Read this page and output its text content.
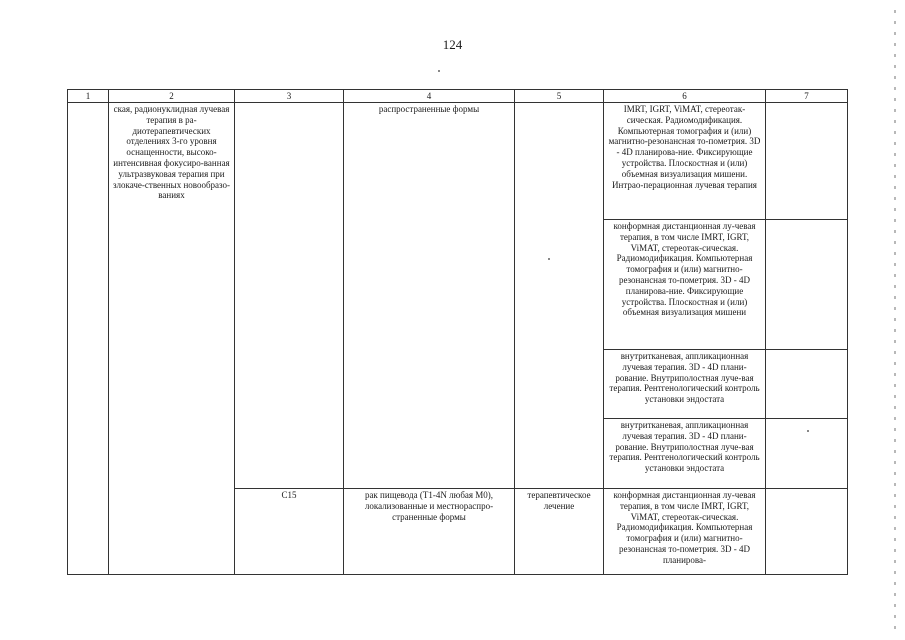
124
1	2	3	4	5	6	7
	ская, радионуклидная лучевая терапия в ра-диотерапевтических отделениях 3-го уровня оснащенности, высоко-интенсивная фокусиро-ванная ультразвуковая терапия при злокаче-ственных новообразо-ваниях		распространенные формы		IMRT, IGRT, ViMAT, стереотак-сическая. Радиомодификация. Компьютерная томография и (или) магнитно-резонансная то-пометрия. 3D - 4D планирова-ние. Фиксирующие устройства. Плоскостная и (или) объемная визуализация мишени. Интрао-перационная лучевая терапия	
					конформная дистанционная лу-чевая терапия, в том числе IMRT, IGRT, ViMAT, стереотак-сическая. Радиомодификация. Компьютерная томография и (или) магнитно-резонансная то-пометрия. 3D - 4D планирова-ние. Фиксирующие устройства. Плоскостная и (или) объемная визуализация мишени	
					внутритканевая, аппликационная лучевая терапия. 3D - 4D плани-рование. Внутриполостная луче-вая терапия. Рентгенологический контроль установки эндостата	
					внутритканевая, аппликационная лучевая терапия. 3D - 4D плани-рование. Внутриполостная луче-вая терапия. Рентгенологический контроль установки эндостата	
		C15	рак пищевода (T1-4N любая M0), локализованные и местнораспро-страненные формы	терапевтическое лечение	конформная дистанционная лу-чевая терапия, в том числе IMRT, IGRT, ViMAT, стереотак-сическая. Радиомодификация. Компьютерная томография и (или) магнитно-резонансная то-пометрия. 3D - 4D планирова-	
